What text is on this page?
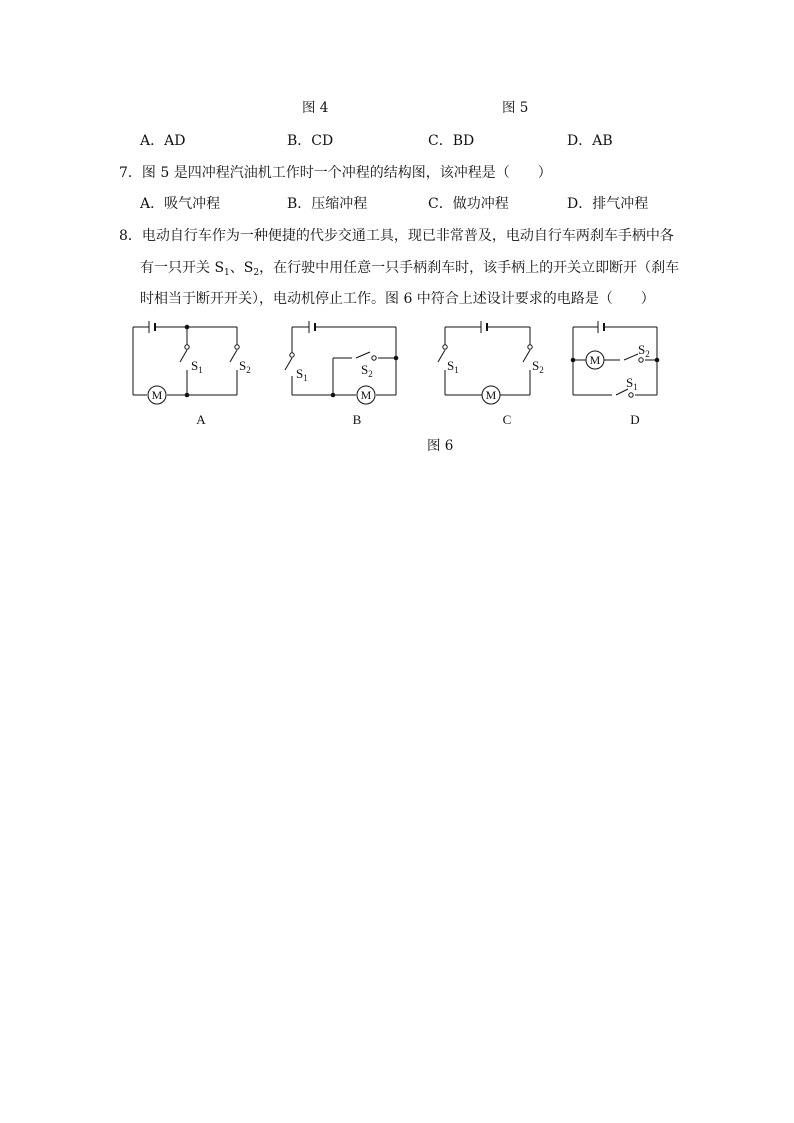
图 4	图 5
A．AD	B．CD	C．BD	D．AB
7．图 5 是四冲程汽油机工作时一个冲程的结构图，该冲程是（　　）
A．吸气冲程	B．压缩冲程	C．做功冲程	D．排气冲程
8．电动自行车作为一种便捷的代步交通工具，现已非常普及，电动自行车两刹车手柄中各
有一只开关 $S_1$、$S_2$，在行驶中用任意一只手柄刹车时，该手柄上的开关立即断开（刹车
时相当于断开开关），电动机停止工作。图 6 中符合上述设计要求的电路是（　　）
M	M	M
M
$S_1$	$S_2$	$S_1$
$S_2$
$S_1$	$S_2$
$S_2$
$S_1$
A	B	C	D
图 6
